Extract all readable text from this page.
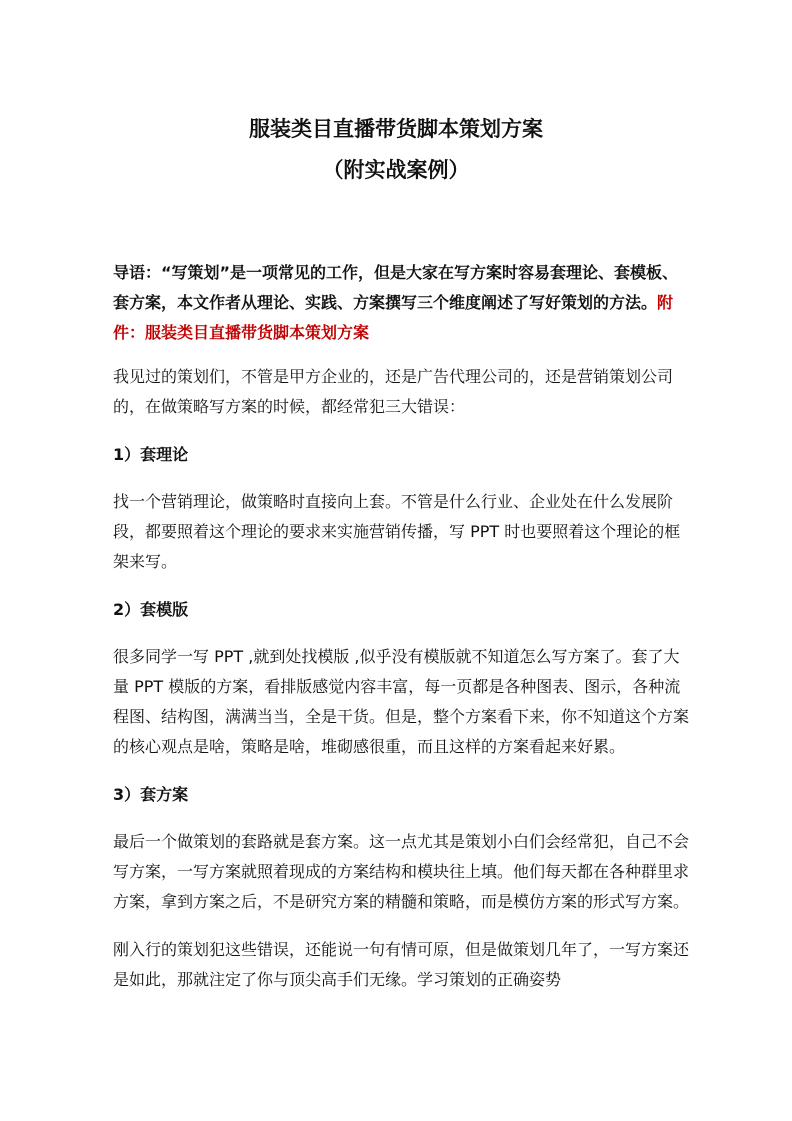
服装类目直播带货脚本策划方案
（附实战案例）

导语：“写策划”是一项常见的工作，但是大家在写方案时容易套理论、套模板、套方案，本文作者从理论、实践、方案撰写三个维度阐述了写好策划的方法。附件：服装类目直播带货脚本策划方案

我见过的策划们，不管是甲方企业的，还是广告代理公司的，还是营销策划公司的，在做策略写方案的时候，都经常犯三大错误：

1）套理论

找一个营销理论，做策略时直接向上套。不管是什么行业、企业处在什么发展阶段，都要照着这个理论的要求来实施营销传播，写 PPT 时也要照着这个理论的框架来写。

2）套模版

很多同学一写 PPT ,就到处找模版 ,似乎没有模版就不知道怎么写方案了。套了大量 PPT 模版的方案，看排版感觉内容丰富，每一页都是各种图表、图示，各种流程图、结构图，满满当当，全是干货。但是，整个方案看下来，你不知道这个方案的核心观点是啥，策略是啥，堆砌感很重，而且这样的方案看起来好累。

3）套方案

最后一个做策划的套路就是套方案。这一点尤其是策划小白们会经常犯，自己不会写方案，一写方案就照着现成的方案结构和模块往上填。他们每天都在各种群里求方案，拿到方案之后，不是研究方案的精髓和策略，而是模仿方案的形式写方案。

刚入行的策划犯这些错误，还能说一句有情可原，但是做策划几年了，一写方案还是如此，那就注定了你与顶尖高手们无缘。学习策划的正确姿势
